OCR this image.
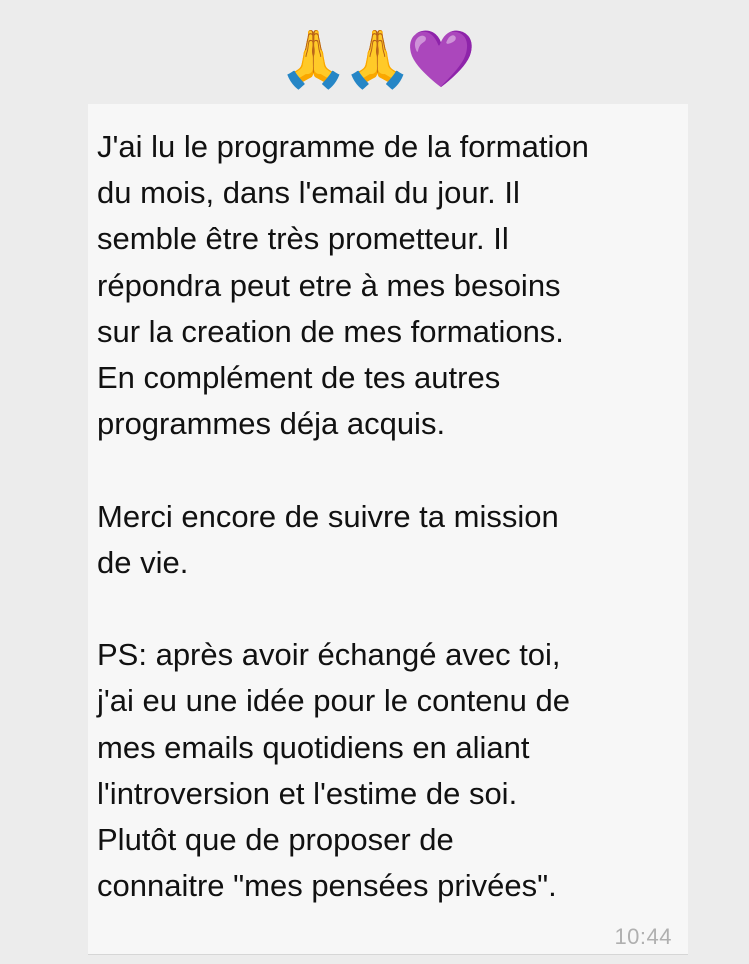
🙏🙏💜

J'ai lu le programme de la formation
du mois, dans l'email du jour. Il
semble être très prometteur. Il
répondra peut etre à mes besoins
sur la creation de mes formations.
En complément de tes autres
programmes déja acquis.

Merci encore de suivre ta mission
de vie.

PS: après avoir échangé avec toi,
j'ai eu une idée pour le contenu de
mes emails quotidiens en aliant
l'introversion et l'estime de soi.
Plutôt que de proposer de
connaitre "mes pensées privées".

10:44
